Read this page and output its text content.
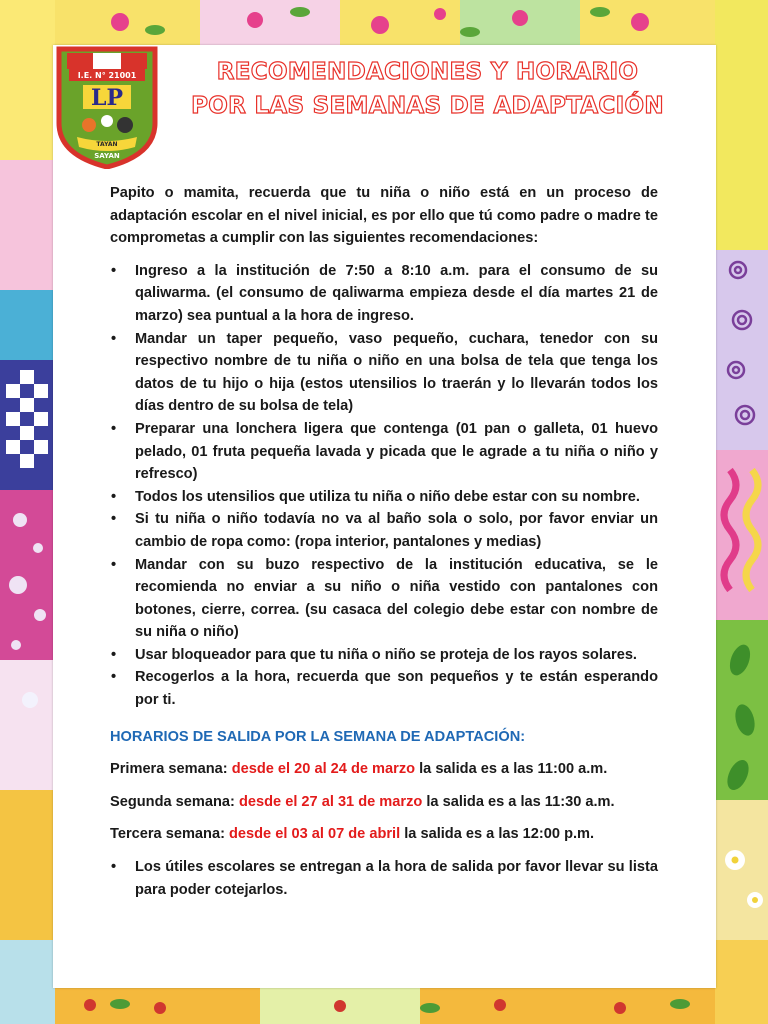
I.E. N° 21001
LP
TAYAN
SAYAN
RECOMENDACIONES Y HORARIO
POR LAS SEMANAS DE ADAPTACIÓN

Papito o mamita, recuerda que tu niña o niño está en un proceso de adaptación escolar en el nivel inicial, es por ello que tú como padre o madre te comprometas a cumplir con las siguientes recomendaciones:

• Ingreso a la institución de 7:50 a 8:10 a.m. para el consumo de su qaliwarma. (el consumo de qaliwarma empieza desde el día martes 21 de marzo) sea puntual a la hora de ingreso.
• Mandar un taper pequeño, vaso pequeño, cuchara, tenedor con su respectivo nombre de tu niña o niño en una bolsa de tela que tenga los datos de tu hijo o hija (estos utensilios lo traerán y lo llevarán todos los días dentro de su bolsa de tela)
• Preparar una lonchera ligera que contenga (01 pan o galleta, 01 huevo pelado, 01 fruta pequeña lavada y picada que le agrade a tu niña o niño y refresco)
• Todos los utensilios que utiliza tu niña o niño debe estar con su nombre.
• Si tu niña o niño todavía no va al baño sola o solo, por favor enviar un cambio de ropa como: (ropa interior, pantalones y medias)
• Mandar con su buzo respectivo de la institución educativa, se le recomienda no enviar a su niño o niña vestido con pantalones con botones, cierre, correa. (su casaca del colegio debe estar con nombre de su niña o niño)
• Usar bloqueador para que tu niña o niño se proteja de los rayos solares.
• Recogerlos a la hora, recuerda que son pequeños y te están esperando por ti.

HORARIOS DE SALIDA POR LA SEMANA DE ADAPTACIÓN:

Primera semana: desde el 20 al 24 de marzo la salida es a las 11:00 a.m.

Segunda semana: desde el 27 al 31 de marzo la salida es a las 11:30 a.m.

Tercera semana: desde el 03 al 07 de abril la salida es a las 12:00 p.m.

• Los útiles escolares se entregan a la hora de salida por favor llevar su lista para poder cotejarlos.
